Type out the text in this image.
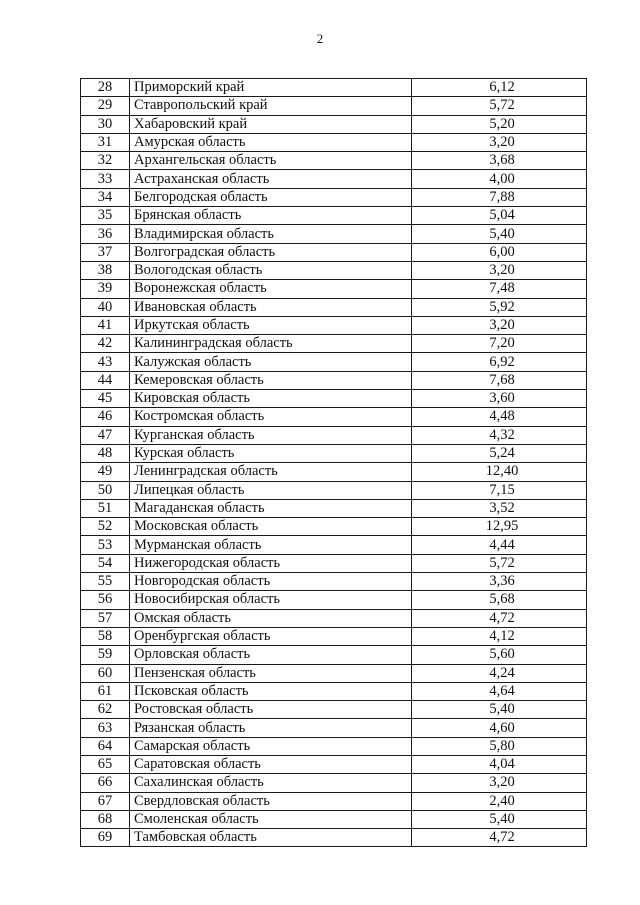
2
28	Приморский край	6,12
29	Ставропольский край	5,72
30	Хабаровский край	5,20
31	Амурская область	3,20
32	Архангельская область	3,68
33	Астраханская область	4,00
34	Белгородская область	7,88
35	Брянская область	5,04
36	Владимирская область	5,40
37	Волгоградская область	6,00
38	Вологодская область	3,20
39	Воронежская область	7,48
40	Ивановская область	5,92
41	Иркутская область	3,20
42	Калининградская область	7,20
43	Калужская область	6,92
44	Кемеровская область	7,68
45	Кировская область	3,60
46	Костромская область	4,48
47	Курганская область	4,32
48	Курская область	5,24
49	Ленинградская область	12,40
50	Липецкая область	7,15
51	Магаданская область	3,52
52	Московская область	12,95
53	Мурманская область	4,44
54	Нижегородская область	5,72
55	Новгородская область	3,36
56	Новосибирская область	5,68
57	Омская область	4,72
58	Оренбургская область	4,12
59	Орловская область	5,60
60	Пензенская область	4,24
61	Псковская область	4,64
62	Ростовская область	5,40
63	Рязанская область	4,60
64	Самарская область	5,80
65	Саратовская область	4,04
66	Сахалинская область	3,20
67	Свердловская область	2,40
68	Смоленская область	5,40
69	Тамбовская область	4,72
